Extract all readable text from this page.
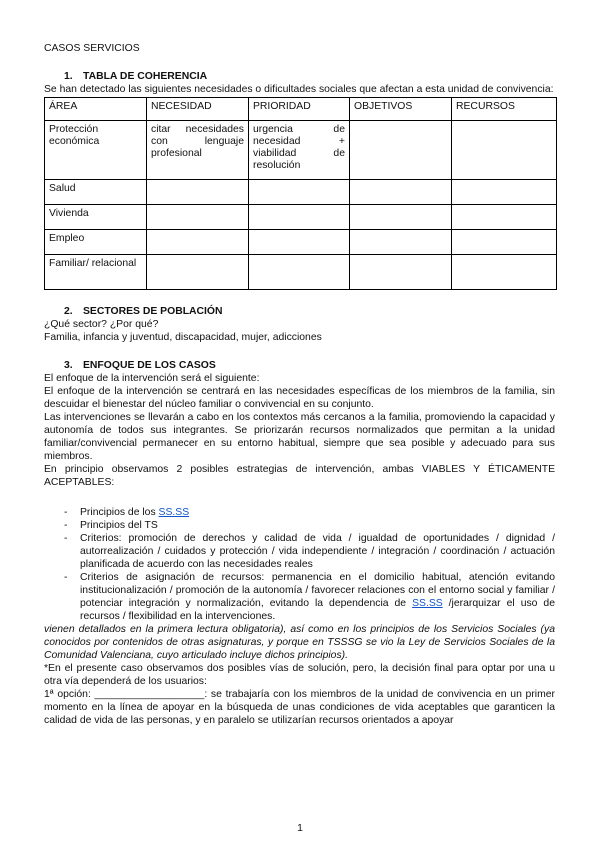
CASOS SERVICIOS

1. TABLA DE COHERENCIA

Se han detectado las siguientes necesidades o dificultades sociales que afectan a esta unidad de convivencia:

ÁREA	NECESIDAD	PRIORIDAD	OBJETIVOS	RECURSOS
Protección económica	citar necesidades con lenguaje profesional	urgencia de necesidad + viabilidad de resolución		
Salud				
Vivienda				
Empleo				
Familiar/ relacional				
2. SECTORES DE POBLACIÓN

¿Qué sector? ¿Por qué?

Familia, infancia y juventud, discapacidad, mujer, adicciones

3. ENFOQUE DE LOS CASOS

El enfoque de la intervención será el siguiente:

El enfoque de la intervención se centrará en las necesidades específicas de los miembros de la familia, sin descuidar el bienestar del núcleo familiar o convivencial en su conjunto.

Las intervenciones se llevarán a cabo en los contextos más cercanos a la familia, promoviendo la capacidad y autonomía de todos sus integrantes. Se priorizarán recursos normalizados que permitan a la unidad familiar/convivencial permanecer en su entorno habitual, siempre que sea posible y adecuado para sus miembros.

En principio observamos 2 posibles estrategias de intervención, ambas VIABLES Y ÉTICAMENTE ACEPTABLES:

- Principios de los SS.SS
- Principios del TS
- Criterios: promoción de derechos y calidad de vida / igualdad de oportunidades / dignidad / autorrealización / cuidados y protección / vida independiente / integración / coordinación / actuación planificada de acuerdo con las necesidades reales
- Criterios de asignación de recursos: permanencia en el domicilio habitual, atención evitando institucionalización / promoción de la autonomía / favorecer relaciones con el entorno social y familiar / potenciar integración y normalización, evitando la dependencia de SS.SS /jerarquizar el uso de recursos / flexibilidad en la intervenciones.

vienen detallados en la primera lectura obligatoria), así como en los principios de los Servicios Sociales (ya conocidos por contenidos de otras asignaturas, y porque en TSSSG se vio la Ley de Servicios Sociales de la Comunidad Valenciana, cuyo articulado incluye dichos principios).

*En el presente caso observamos dos posibles vías de solución, pero, la decisión final para optar por una u otra vía dependerá de los usuarios:

1ª opción: ___________________: se trabajaría con los miembros de la unidad de convivencia en un primer momento en la línea de apoyar en la búsqueda de unas condiciones de vida aceptables que garanticen la calidad de vida de las personas, y en paralelo se utilizarían recursos orientados a apoyar

1
